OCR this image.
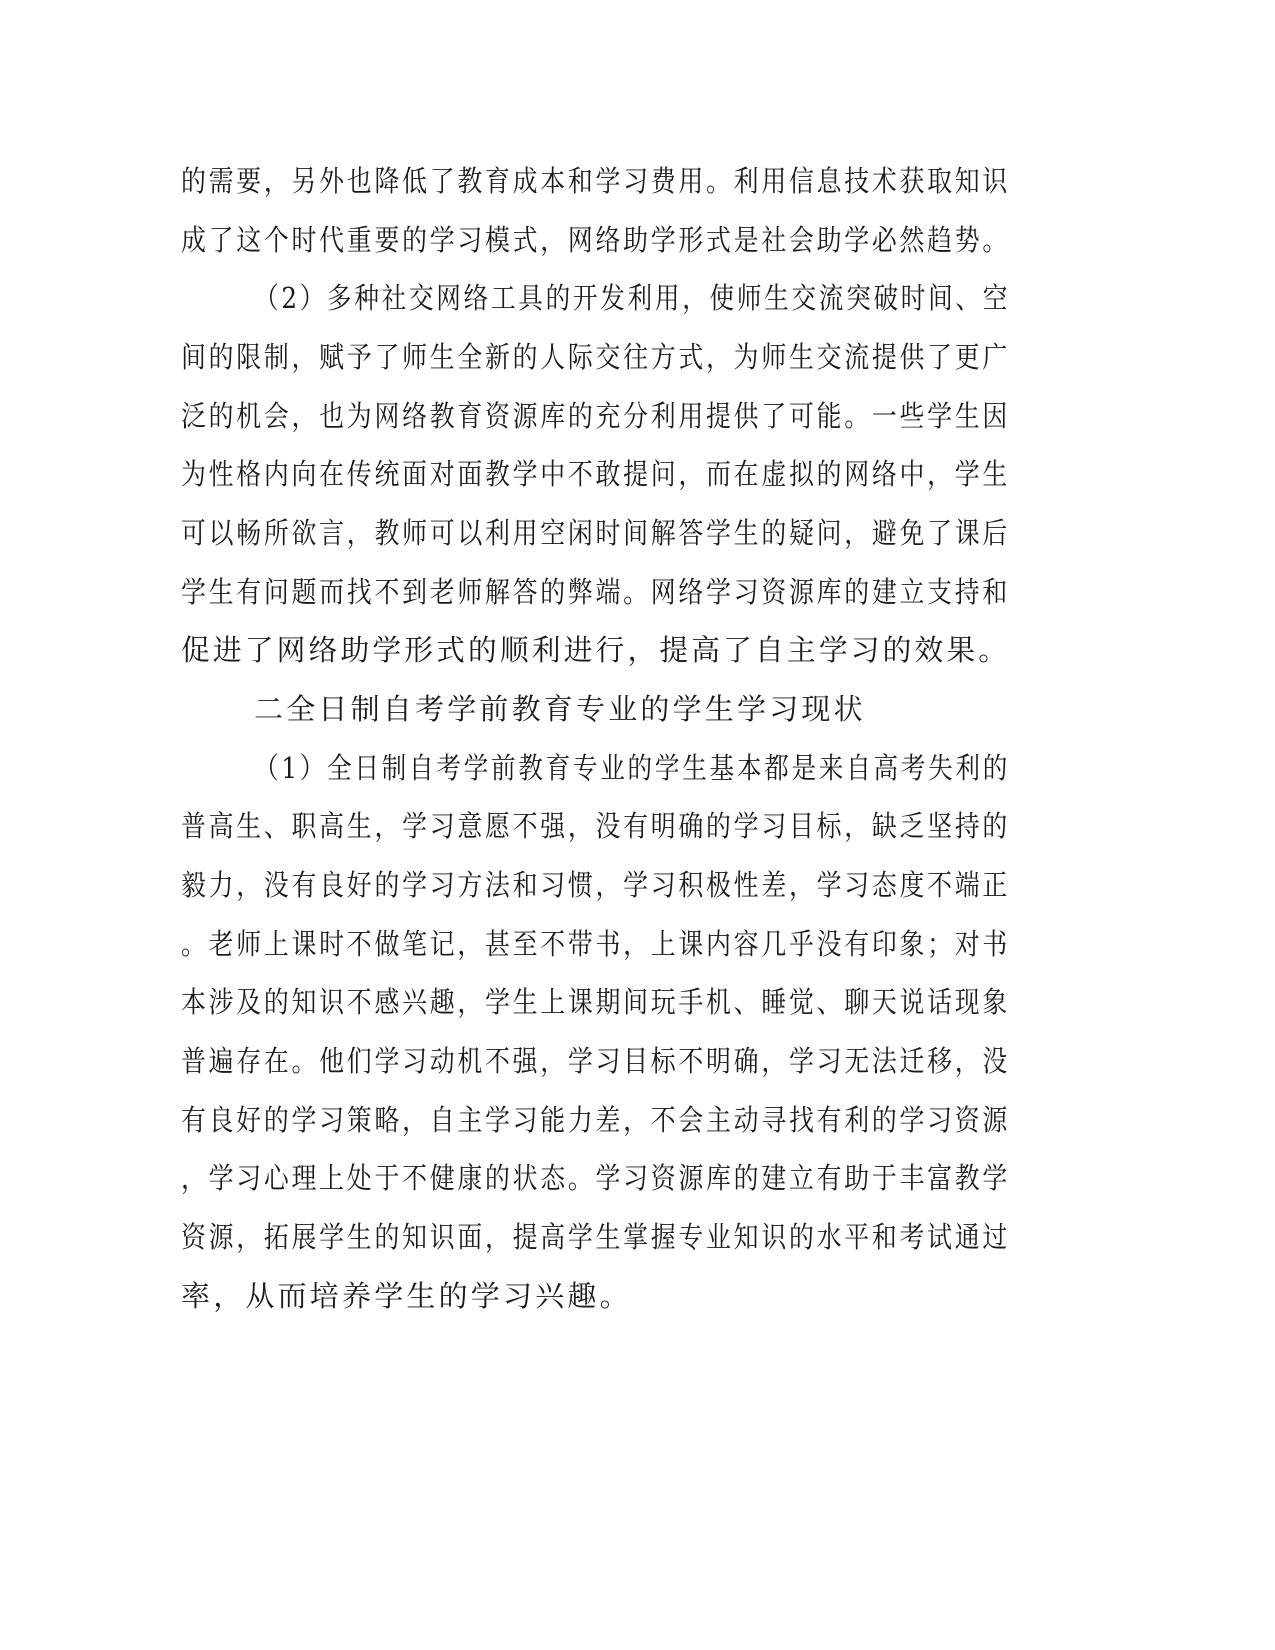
的需要，另外也降低了教育成本和学习费用。利用信息技术获取知识

成了这个时代重要的学习模式，网络助学形式是社会助学必然趋势。

（2）多种社交网络工具的开发利用，使师生交流突破时间、空

间的限制，赋予了师生全新的人际交往方式，为师生交流提供了更广

泛的机会，也为网络教育资源库的充分利用提供了可能。一些学生因

为性格内向在传统面对面教学中不敢提问，而在虚拟的网络中，学生

可以畅所欲言，教师可以利用空闲时间解答学生的疑问，避免了课后

学生有问题而找不到老师解答的弊端。网络学习资源库的建立支持和

促进了网络助学形式的顺利进行，提高了自主学习的效果。

二全日制自考学前教育专业的学生学习现状

（1）全日制自考学前教育专业的学生基本都是来自高考失利的

普高生、职高生，学习意愿不强，没有明确的学习目标，缺乏坚持的

毅力，没有良好的学习方法和习惯，学习积极性差，学习态度不端正

。老师上课时不做笔记，甚至不带书，上课内容几乎没有印象；对书

本涉及的知识不感兴趣，学生上课期间玩手机、睡觉、聊天说话现象

普遍存在。他们学习动机不强，学习目标不明确，学习无法迁移，没

有良好的学习策略，自主学习能力差，不会主动寻找有利的学习资源

，学习心理上处于不健康的状态。学习资源库的建立有助于丰富教学

资源，拓展学生的知识面，提高学生掌握专业知识的水平和考试通过

率，从而培养学生的学习兴趣。
